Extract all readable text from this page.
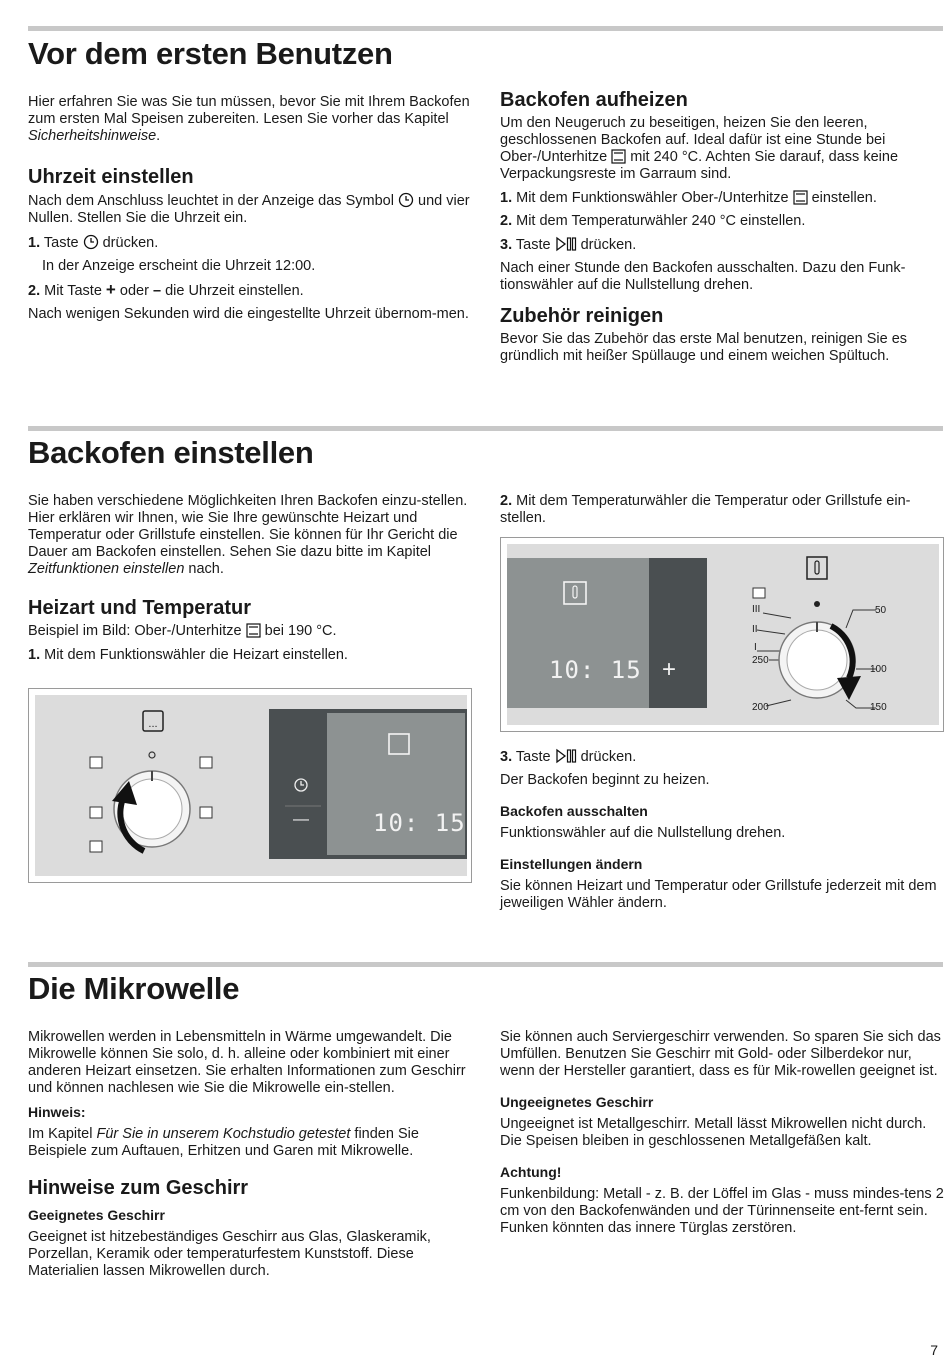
Vor dem ersten Benutzen

Hier erfahren Sie was Sie tun müssen, bevor Sie mit Ihrem Backofen zum ersten Mal Speisen zubereiten. Lesen Sie vorher das Kapitel Sicherheitshinweise.

Uhrzeit einstellen

Nach dem Anschluss leuchtet in der Anzeige das Symbol und vier Nullen. Stellen Sie die Uhrzeit ein.

1. Taste drücken.
In der Anzeige erscheint die Uhrzeit 12:00.
2. Mit Taste + oder – die Uhrzeit einstellen.

Nach wenigen Sekunden wird die eingestellte Uhrzeit übernom-men.

Backofen aufheizen

Um den Neugeruch zu beseitigen, heizen Sie den leeren, geschlossenen Backofen auf. Ideal dafür ist eine Stunde bei Ober-/Unterhitze mit 240 °C. Achten Sie darauf, dass keine Verpackungsreste im Garraum sind.

1. Mit dem Funktionswähler Ober-/Unterhitze einstellen.
2. Mit dem Temperaturwähler 240 °C einstellen.
3. Taste drücken.

Nach einer Stunde den Backofen ausschalten. Dazu den Funk-tionswähler auf die Nullstellung drehen.

Zubehör reinigen

Bevor Sie das Zubehör das erste Mal benutzen, reinigen Sie es gründlich mit heißer Spüllauge und einem weichen Spültuch.

Backofen einstellen

Sie haben verschiedene Möglichkeiten Ihren Backofen einzu-stellen. Hier erklären wir Ihnen, wie Sie Ihre gewünschte Heizart und Temperatur oder Grillstufe einstellen. Sie können für Ihr Gericht die Dauer am Backofen einstellen. Sehen Sie dazu bitte im Kapitel Zeitfunktionen einstellen nach.

Heizart und Temperatur

Beispiel im Bild: Ober-/Unterhitze bei 190 °C.

1. Mit dem Funktionswähler die Heizart einstellen.
...
10: 15
—
2. Mit dem Temperaturwähler die Temperatur oder Grillstufe ein-stellen.
10: 15 +
III
II
I
50
100
150
200
250
3. Taste drücken.

Der Backofen beginnt zu heizen.

Backofen ausschalten

Funktionswähler auf die Nullstellung drehen.

Einstellungen ändern

Sie können Heizart und Temperatur oder Grillstufe jederzeit mit dem jeweiligen Wähler ändern.

Die Mikrowelle

Mikrowellen werden in Lebensmitteln in Wärme umgewandelt. Die Mikrowelle können Sie solo, d. h. alleine oder kombiniert mit einer anderen Heizart einsetzen. Sie erhalten Informationen zum Geschirr und können nachlesen wie Sie die Mikrowelle ein-stellen.

Hinweis:

Im Kapitel Für Sie in unserem Kochstudio getestet finden Sie Beispiele zum Auftauen, Erhitzen und Garen mit Mikrowelle.

Hinweise zum Geschirr
Geeignetes Geschirr

Geeignet ist hitzebeständiges Geschirr aus Glas, Glaskeramik, Porzellan, Keramik oder temperaturfestem Kunststoff. Diese Materialien lassen Mikrowellen durch.

Sie können auch Serviergeschirr verwenden. So sparen Sie sich das Umfüllen. Benutzen Sie Geschirr mit Gold- oder Silberdekor nur, wenn der Hersteller garantiert, dass es für Mik-rowellen geeignet ist.

Ungeeignetes Geschirr

Ungeeignet ist Metallgeschirr. Metall lässt Mikrowellen nicht durch. Die Speisen bleiben in geschlossenen Metallgefäßen kalt.

Achtung!

Funkenbildung: Metall - z. B. der Löffel im Glas - muss mindes-tens 2 cm von den Backofenwänden und der Türinnenseite ent-fernt sein. Funken könnten das innere Türglas zerstören.

7
